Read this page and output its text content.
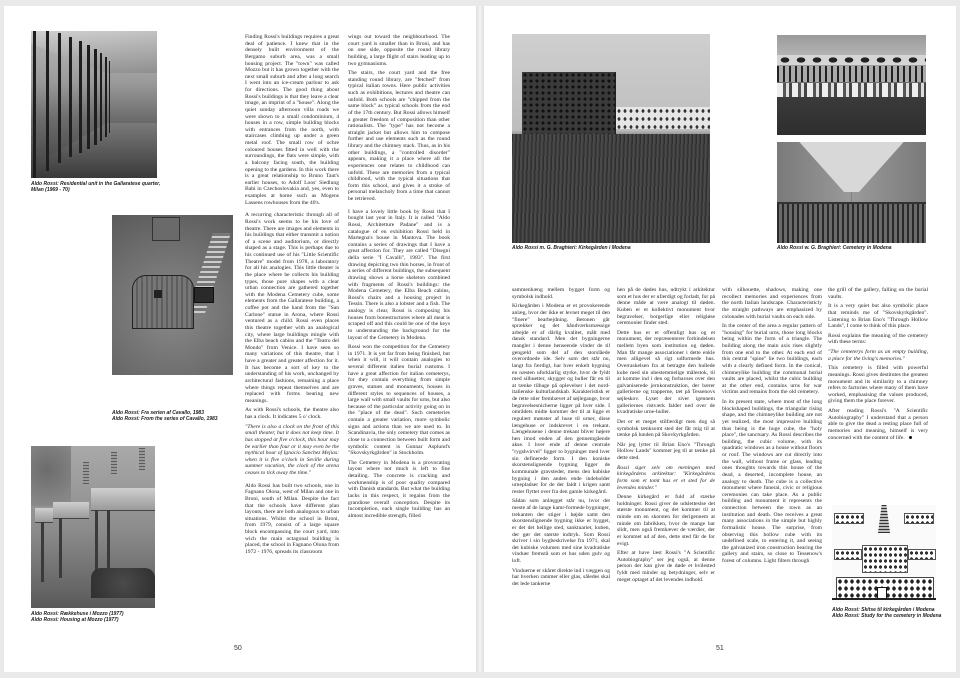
Aldo Rossi: Residential unit in the Gallaratese quarter,
Milan (1969 - 70)
Aldo Rossi: Fra serien af Cavallo, 1983
Aldo Rossi: From the series of Cavallo, 1983
Aldo Rossi: Rækkehuse i Mozzo (1977)
Aldo Rossi: Housing at Mozzo (1977)

Finding Rossi's buildings requires a great deal of patience. I knew that in the densely built environment of the Bergamo suburb area, was a small housing project. The "town" was called Mozzo but it has grown together with the next small suburb and after a long search I went into an ice-cream parlour to ask for directions. The good thing about Rossi's buildings is that they leave a clear image, an imprint of a "house". Along the quiet sunday afternoon villa roads we were shown to a small condominium, 4 houses in a row, simple building blocks with entrances from the north, with staircases climbing up under a green metal roof. The small row of ochre coloured houses fitted in well with the surroundings, the flats were simple, with a balcony facing south, the building opening to the gardens. In this work there is a great relationship to Bruno Taut's earlier houses, to Adolf Loos' Siedlung Babi in Czechoslovakia and, yes, even to examples at home such as Mogens Lassens rowhouses from the 40's.

A recurring characteristic through all of Rossi's work seems to be his love of theatre. There are images and elements in his buildings that either transmit a notion of a scene and auditorium, or directly shaped as a stage. This is perhaps due to his continued use of his "Little Scientific Theatre" model from 1978, a laboratory for all his analogies. This little theater is the place where he collects his building types, those pure shapes with a clear urban connection are gathered together with the Modena Cemetery cube, some elements from the Gallaratese building, a coffee pot and the hand from the "San Carlone" statue in Arona, where Rossi ventured as a child. Rossi even places this theatre together with an analogical city, where large buildings mingle with the Elba beach cabins and the "Teatro del Mondo" from Venice. I have seen so many variations of this theatre, that I have a greater and greater affection for it. It has become a sort of key to the understanding of his work, unchanged by architectural fashions, remaining a place where things repeat themselves and are replaced with forms bearing new meanings.

As with Rossi's schools, the theatre also has a clock. It indicates 5 o' clock.

"There is also a clock on the front of this small theater, but it does not keep time. It has stopped at five o'clock, this hour may be earlier than four or it may even be the mythical hour of Ignacio Sanchez Mejias: when it is five o'clock in Seville during summer vacation, the clock of the arena ceases to tick away the time."

Aldo Rossi has built two schools, one in Fagnano Olona, west of Milan and one in Broni, south of Milan. Despite the fact that the schools have different plan layouts, there are both analogous to urban situations. Whilst the school in Broni, from 1979, consist of a large square block encompassing the court yard, into wich the main octagonal building is placed, the school in Fagnano Olona from 1972 - 1976, spreads its classroom

wings out toward the neighbourhood. The court yard is smaller than in Broni, and has on one side, opposite the round library building, a large flight of stairs leading up to two gymnasiums.

The stairs, the court yard and the free standing round library, are "fetched" from typical italian towns. Here public activities such as exhibitions, lectures and theatre can unfold. Both schools are "chipped from the same block" as typical schools from the end of the 17th century. But Rossi allows himself a greater freedom of composition than other rationalists. The "type" has not become a straight jacket but allows him to compose further and use elements such as the round library and the chimney stack. Thus, as in his other buildings, a "controlled disorder" appears, making it a place where all the experiences one relates to childhood can unfold. These are memories from a typical childhood, with the typical situations that form this school, and gives it a stroke of personal melancholy from a time that cannot be retrieved.

I have a lovely little book by Rossi that I bought last year in Italy. It is called "Aldo Rossi, Architetture Padane" and is a catalogue of en exhibition Rossi held in Martegna's house in Mantova. The book contains a series of drawings that I have a great affection for. They are called "Disegni della serie "I Cavalli", 1983". The first drawing depicting two thin horses, in front of a series of different buildings, the subsequent drawing shows a horse skeleton combined with fragments of Rossi's buildings: the Modena Cemetery, the Elba Beach cabins, Rossi's chairs and a housing project in Tessin. There is also a lobster and a fish. The analogy is clear, Rossi is composing his houses from bonestructures where all meat is scraped off and this could be one of the keys to understanding the background for the layout of the Cemetery in Modena.

Rossi won the competition for the Cemetery in 1971. It is yet far from being finished, but when it will, it will contain analogies to several different italien burial customs. I have a great affection for italian cemeterys, for they contain everything from simple graves, statues and monuments, houses in different styles to sequences of houses, a large wall with small vaults for urns, but also because of the particular activity going on in the "place of the dead". Such cemeteries contain a greater variation, more symbolic signs and actions than we are used to. In Scandinavia, the only cemetery that comes as close to a connection between built form and symbolic content is Gunnar Asplund's "Skovskyrkgården" in Stockholm.

The Cemetery in Modena is a provocating layout where not much is left to fine detailing. The concrete is cracking and workmenship is of poor quality compared with Danish standards. But what the building lacks in this respect, it regains from the grandiose overall conception. Despite its incompletion, each single building has an almost incredible strength, filled

50
Aldo Rossi m. G. Braghieri: Kirkegården i Modena	Aldo Rossi w. G. Braghieri: Cemetery in Modena
Aldo Rossi: Skitse til kirkegården i Modena
Aldo Rossi: Study for the cemetery in Modena

sammenhæng mellem bygget form og symbolsk indhold.

Kirkegården i Modena er et provokerende anlæg, hvor der ikke er levnet meget til den "finere" bearbejdning. Betonen går sprækker og det håndværksmæssige arbejde er af dårlig kvalitet, målt med dansk standard. Men det bygningerne mangler i denne henseende vinder de til gengæld som del af den storslåede overordnede ide. Selv som det står nu, langt fra færdigt, har hver enkelt bygning en næsten uforklarlig styrke, hvor de fyldt med silhuetter, skygger og huller får en til at tænke tilbage på oplevelser i det nord-italienske kulturlandskab. Karakteristisk er de rette stier fremhævet af søjlegange, hvor begravelsesnicherne ligger på hver side. I områdets midte kommer der til at ligge et regulært mønster af huse til urner, disse længehuse er indskrevet i en trekant. Længehusene i denne trekant bliver højere hen imod enden af den gennemgående akse. I hver ende af denne centrale "rygshvirvel" ligger to bygninger med hver sin definerede form. I den koniske skorstenslignende bygning ligger de kommunale gravsteder, mens den kubiske bygning i den anden ende indeholder urnepladser for de der faldt i krigen samt rester flyttet over fra den gamle kirkegård.

Sådan som anlægget står nu, hvor det meste af de lange kamr-formede bygninger, trekanten der stiger i højde samt den skorstenslignende bygning ikke er bygget, er det det hellige sted, sanktuariet, kuben, der gør det største indtryk. Som Rossi skriver i sin bygbeskrivelse fra 1971, skal det kubiske volumen med sine kvadratiske vinduer fremstå som et hus uden gulv og loft.

Vinduerne er skåret direkte ind i væggen og har hverken rammer eller glas, således skal det lede tankerne

hen på de dødes hus, udtrykt i arkitektur som et hus der er ufærdigt og forladt, for på denne måde at være analogt til døden. Kuben er et kollektivt monument hvor begravelser, borgerlige eller religiøse ceremonier finder sted.

Dette hus er et offentligt hus og et monument, der repræsenterer forbindelsen mellem byen som institution og døden. Man får mange associationer i dette enkle men alligevel så rigt udformede hus. Overraskelsen fra at betragte den hullede kube med sin ubestemmelige målestok, til at komme ind i den og forbavses over den galvaniserede jernkonstruktion, der bærer gallerierne og trapperne, tæt på Tessenovs søjleskov. Lyset der siver igennem galleriernes ristværk falder ned over de kvadratiske urne-huller.

Det er et meget stilfærdigt men dog så symbolsk tænksomt sted der får mig til at tænke på lunden på Skovkyrkgården.

Når jeg lytter til Brian Eno's "Through Hollow Lands" kommer jeg til at tænke på dette sted.

Rossi siger selv om meningen med kirkegårdens arkitektur: "Kirkegårdens form som et tomt hus er et sted for de levendes minder."

Denne kirkegård er fuld af stærke holdninger. Rossi giver de udsletteslse det største monument, og det kommer til at minde om en skorsten for derigennem at minde om fabrikken, hvor de mange har slidt, men også fremhæver de værdier, der er kommet ud af den, dette sted får de for evigt.

Efter at have læst Rossi's "A Scientific Autobiography" ser jeg også, at denne person der kan give de døde et hvilested fyldt med minder og betydninger, selv er meget optaget af det levendes indhold.

with silhouette, shadows, making one recollect memories and experiences from the north Italian landscape. Characteristicly the straight pathways are emphasized by colonades with burial vaults on each side.

In the center of the area a regular pattern of "housing" for burial urns, those long blocks being within the form of a triangle. The building along the main axis rises slightly from one end to the other. At each end of this central "spine" lie two buildings, each with a clearly defined form. In the conical, chimneylike building the communal burial vaults are placed, whilst the cubic building at the other end, contains urns for war victims and remains from the old cemetery.

In its present state, where most of the long blockshaped buildings, the triangular rising shape, and the chimneylike building are not yet realized, the most impressive building thus being is the huge cube, the "holy place", the sanctuary. As Rossi describes the building, the cubic volume, with its quadratic windows as a house without floors or roof. The windows are cut directly into the wall, without frame or glass, leading ones thoughts towards this house of the dead, a deserted, incomplete house, an analogy to death. The cube is a collective monument where funeral, civic or religious ceremonies can take place. As a public building and monument it represents the connection between the town as an institution and death. One receives a great many associations in the simple but highly formalistic house. The surprise, from observing this hollow cube with its undefined scale, to entering it, and seeing the galvanized iron construction bearing the gallery and stairs, so close to Tessenow's forest of columns. Light filters through

the grill of the gallery, falling on the burial vaults.

It is a very quiet but also symbolic place that reminds me of "Skovskyrkgården". Listening to Brian Eno's "Through Hollow Lands", I come to think of this place.

Rossi explains the meaning of the cemetery with these terms:

"The cemeterys form as an empty building, a place for the living's memories."

This cemetery is filled with powerful meanings. Rossi gives destitutes the greatest monument and its similarity to a chimney refers to factories where many of them have worked, emphasising the values produced, giving them the place forever.

After reading Rossi's "A Scientific Autobiography" I understand that a person able to give the dead a resting place full of memories and meaning, himself is very concerned with the content of life.

51
